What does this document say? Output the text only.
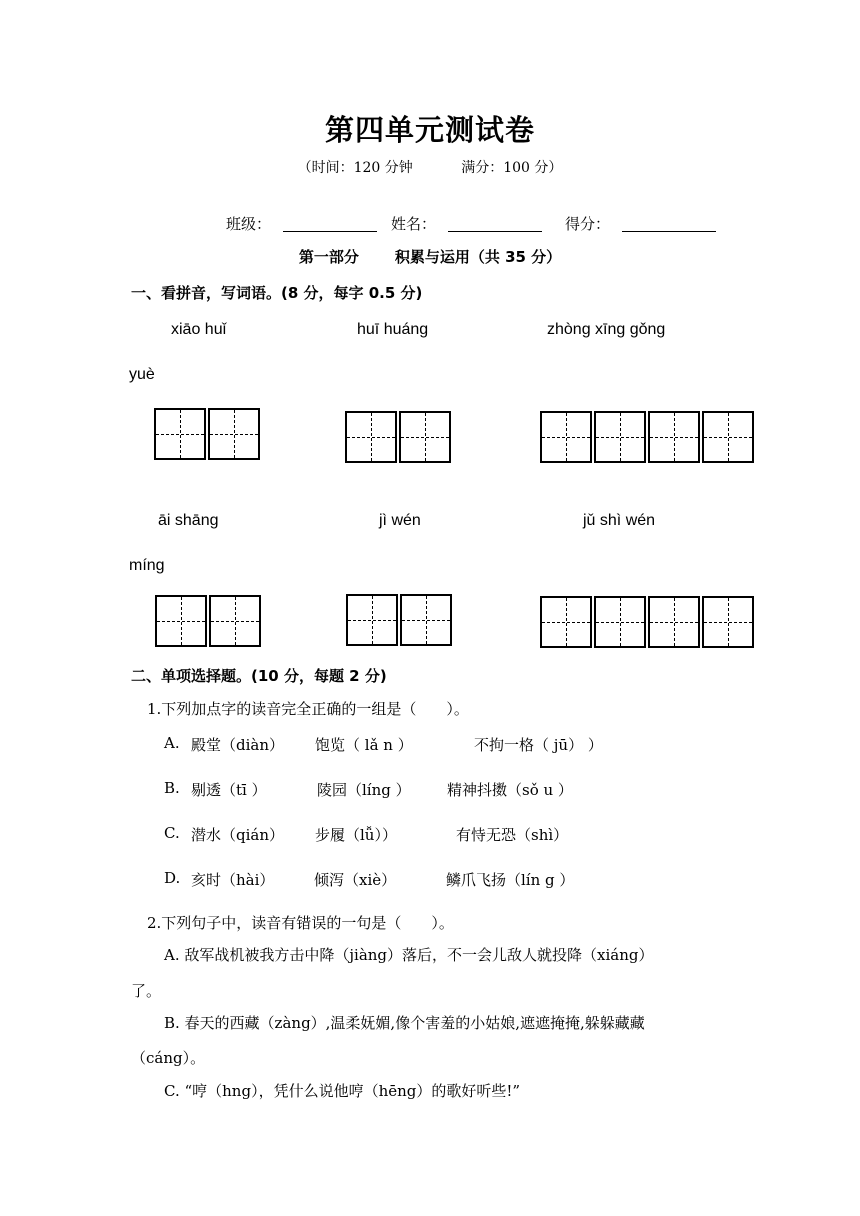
第四单元测试卷
（时间：120 分钟	满分：100 分）
班级：	姓名：	得分：
第一部分 积累与运用（共 35 分）
一、看拼音，写词语。(8 分，每字 0.5 分)
xiāo huǐ	huī huáng	zhòng xīng gǒng
yuè
āi shāng	jì wén	jǔ shì wén
míng
二、单项选择题。(10 分，每题 2 分)
1.下列加点字的读音完全正确的一组是（　　）。
A. 殿堂（diàn） 饱览（ lǎ n ）	不拘一格（ jū） ）
B. 剔透（tī ）	陵园（líng ） 精神抖擞（sǒ u ）
C. 潜水（qián） 步履（lǚ））	有恃无恐（shì）
D. 亥时（hài）	倾泻（xiè）	鳞爪飞扬（lín g ）
2.下列句子中，读音有错误的一句是（　　）。
A. 敌军战机被我方击中降（jiàng）落后，不一会儿敌人就投降（xiáng）
了。
B. 春天的西藏（zàng）,温柔妩媚,像个害羞的小姑娘,遮遮掩掩,躲躲藏藏
（cáng）。
C. “哼（hng），凭什么说他哼（hēng）的歌好听些!”
